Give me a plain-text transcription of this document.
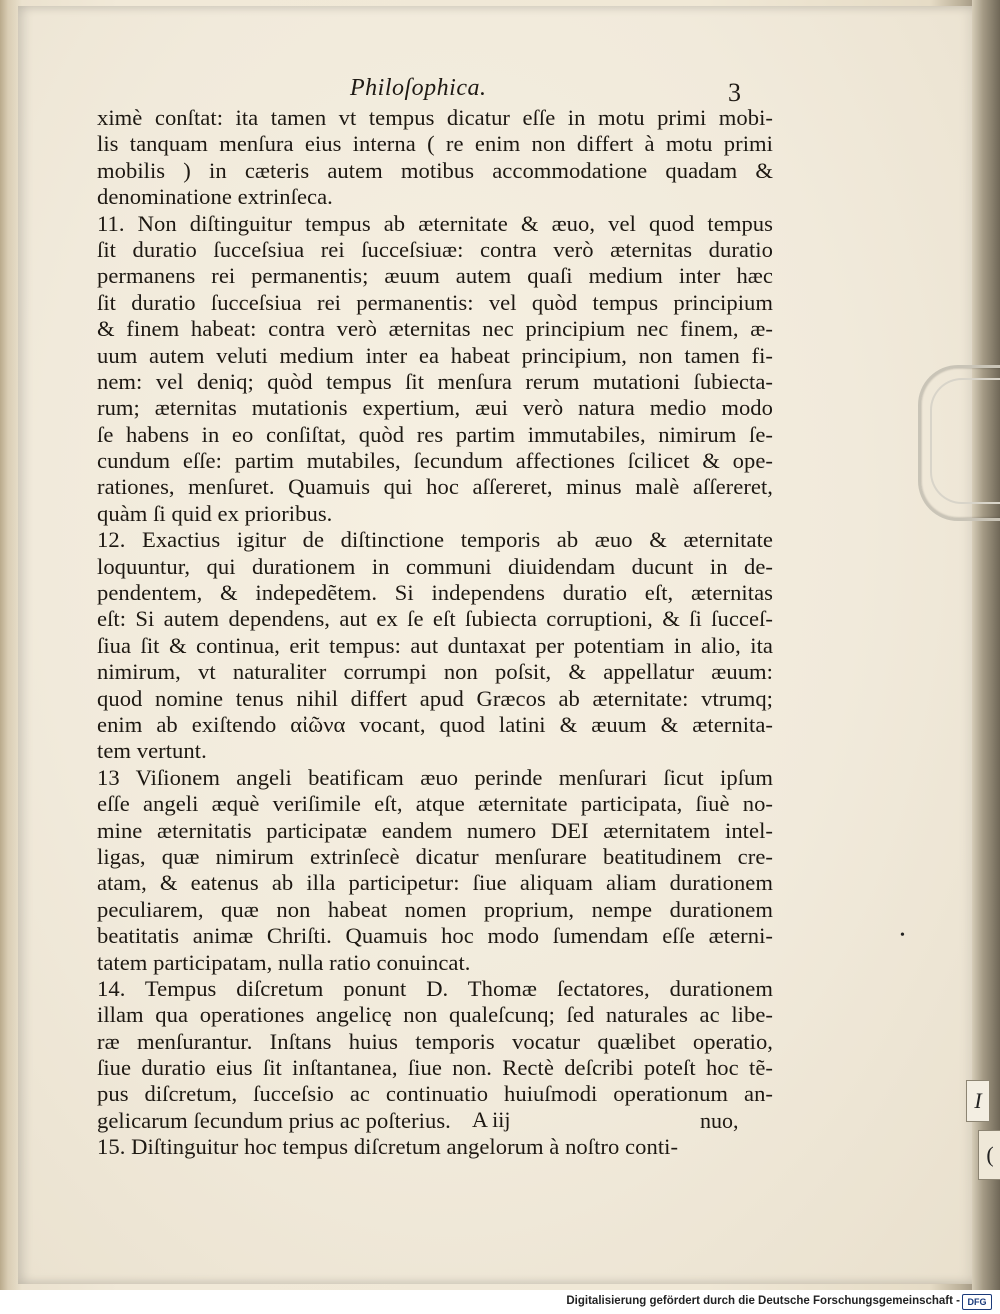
I
(
Philoſophica.	3
ximè conſtat: ita tamen vt tempus dicatur eſſe in motu primi mobi-
lis tanquam menſura eius interna ( re enim non differt à motu primi
mobilis ) in cæteris autem motibus accommodatione quadam &
denominatione extrinſeca.
11. Non diſtinguitur tempus ab æternitate & æuo, vel quod tempus
ſit duratio ſucceſsiua rei ſucceſsiuæ: contra verò æternitas duratio
permanens rei permanentis; æuum autem quaſi medium inter hæc
ſit duratio ſucceſsiua rei permanentis: vel quòd tempus principium
& finem habeat: contra verò æternitas nec principium nec finem, æ-
uum autem veluti medium inter ea habeat principium, non tamen fi-
nem: vel deniq; quòd tempus ſit menſura rerum mutationi ſubiecta-
rum; æternitas mutationis expertium, æui verò natura medio modo
ſe habens in eo conſiſtat, quòd res partim immutabiles, nimirum ſe-
cundum eſſe: partim mutabiles, ſecundum affectiones ſcilicet & ope-
rationes, menſuret. Quamuis qui hoc aſſereret, minus malè aſſereret,
quàm ſi quid ex prioribus.
12. Exactius igitur de diſtinctione temporis ab æuo & æternitate
loquuntur, qui durationem in communi diuidendam ducunt in de-
pendentem, & indepedẽtem. Si independens duratio eſt, æternitas
eſt: Si autem dependens, aut ex ſe eſt ſubiecta corruptioni, & ſi ſucceſ-
ſiua ſit & continua, erit tempus: aut duntaxat per potentiam in alio, ita
nimirum, vt naturaliter corrumpi non poſsit, & appellatur æuum:
quod nomine tenus nihil differt apud Græcos ab æternitate: vtrumq;
enim ab exiſtendo αἰῶνα vocant, quod latini & æuum & æternita-
tem vertunt.
13 Viſionem angeli beatificam æuo perinde menſurari ſicut ipſum
eſſe angeli æquè veriſimile eſt, atque æternitate participata, ſiuè no-
mine æternitatis participatæ eandem numero DEI æternitatem intel-
ligas, quæ nimirum extrinſecè dicatur menſurare beatitudinem cre-
atam, & eatenus ab illa participetur: ſiue aliquam aliam durationem
peculiarem, quæ non habeat nomen proprium, nempe durationem
beatitatis animæ Chriſti. Quamuis hoc modo ſumendam eſſe æterni-
tatem participatam, nulla ratio conuincat.
14. Tempus diſcretum ponunt D. Thomæ ſectatores, durationem
illam qua operationes angelicę non qualeſcunq; ſed naturales ac libe-
ræ menſurantur. Inſtans huius temporis vocatur quælibet operatio,
ſiue duratio eius ſit inſtantanea, ſiue non. Rectè deſcribi poteſt hoc tẽ-
pus diſcretum, ſucceſsio ac continuatio huiuſmodi operationum an-
gelicarum ſecundum prius ac poſterius.
15. Diſtinguitur hoc tempus diſcretum angelorum à noſtro conti-
•
A iij	nuo,
Digitalisierung gefördert durch die Deutsche Forschungsgemeinschaft - DFG
